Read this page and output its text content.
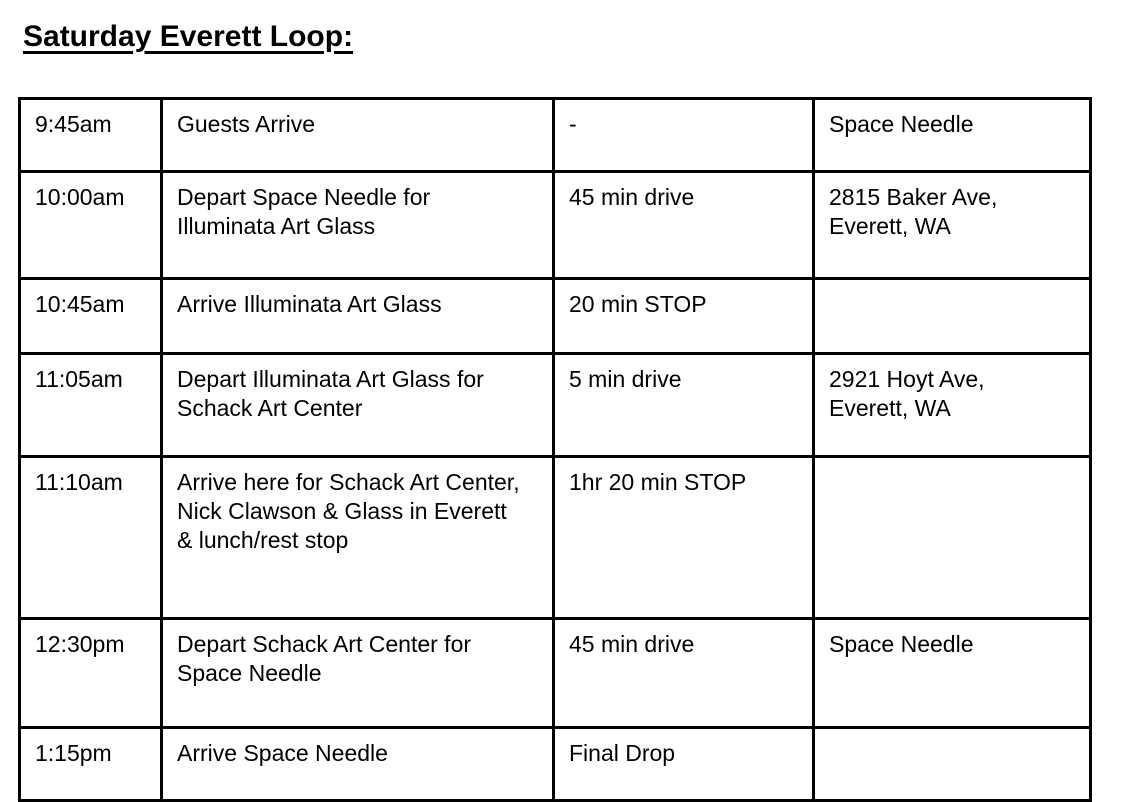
Saturday Everett Loop:
9:45am	Guests Arrive	-	Space Needle
10:00am	Depart Space Needle for Illuminata Art Glass	45 min drive	2815 Baker Ave, Everett, WA
10:45am	Arrive Illuminata Art Glass	20 min STOP	
11:05am	Depart Illuminata Art Glass for Schack Art Center	5 min drive	2921 Hoyt Ave, Everett, WA
11:10am	Arrive here for Schack Art Center, Nick Clawson & Glass in Everett & lunch/rest stop	1hr 20 min STOP	
12:30pm	Depart Schack Art Center for Space Needle	45 min drive	Space Needle
1:15pm	Arrive Space Needle	Final Drop	
